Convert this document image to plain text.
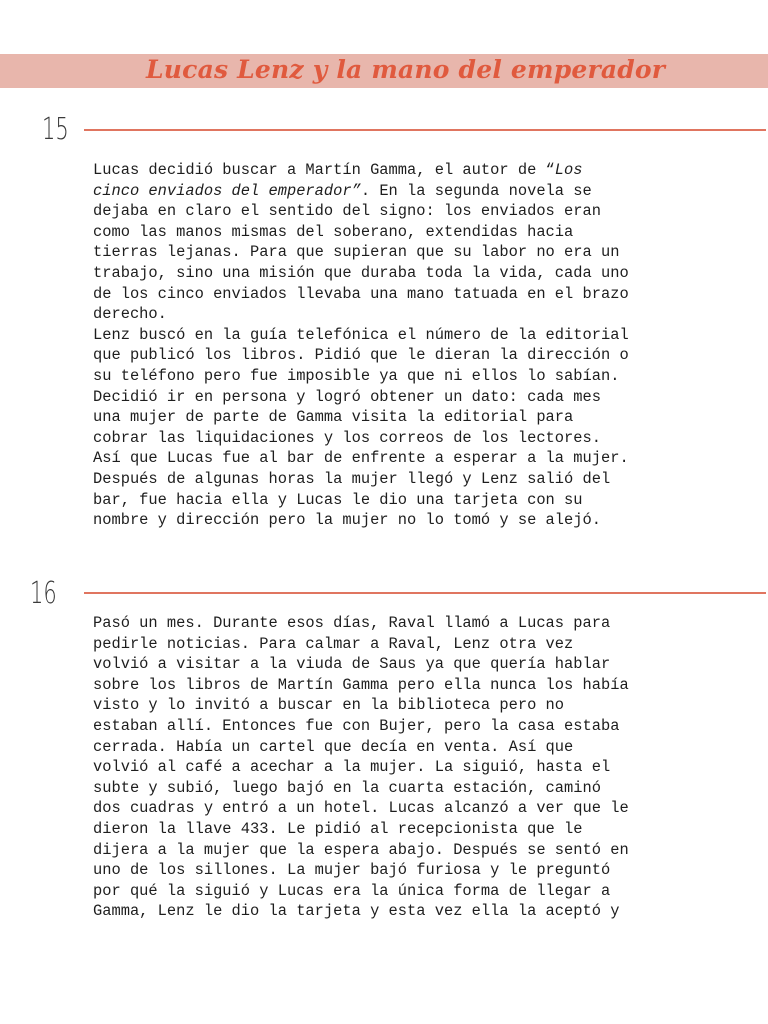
Lucas Lenz y la mano del emperador
15
Lucas decidió buscar a Martín Gamma, el autor de “Los
cinco enviados del emperador”. En la segunda novela se
dejaba en claro el sentido del signo: los enviados eran
como las manos mismas del soberano, extendidas hacia
tierras lejanas. Para que supieran que su labor no era un
trabajo, sino una misión que duraba toda la vida, cada uno
de los cinco enviados llevaba una mano tatuada en el brazo
derecho.
Lenz buscó en la guía telefónica el número de la editorial
que publicó los libros. Pidió que le dieran la dirección o
su teléfono pero fue imposible ya que ni ellos lo sabían.
Decidió ir en persona y logró obtener un dato: cada mes
una mujer de parte de Gamma visita la editorial para
cobrar las liquidaciones y los correos de los lectores.
Así que Lucas fue al bar de enfrente a esperar a la mujer.
Después de algunas horas la mujer llegó y Lenz salió del
bar, fue hacia ella y Lucas le dio una tarjeta con su
nombre y dirección pero la mujer no lo tomó y se alejó.
16
Pasó un mes. Durante esos días, Raval llamó a Lucas para
pedirle noticias. Para calmar a Raval, Lenz otra vez
volvió a visitar a la viuda de Saus ya que quería hablar
sobre los libros de Martín Gamma pero ella nunca los había
visto y lo invitó a buscar en la biblioteca pero no
estaban allí. Entonces fue con Bujer, pero la casa estaba
cerrada. Había un cartel que decía en venta. Así que
volvió al café a acechar a la mujer. La siguió, hasta el
subte y subió, luego bajó en la cuarta estación, caminó
dos cuadras y entró a un hotel. Lucas alcanzó a ver que le
dieron la llave 433. Le pidió al recepcionista que le
dijera a la mujer que la espera abajo. Después se sentó en
uno de los sillones. La mujer bajó furiosa y le preguntó
por qué la siguió y Lucas era la única forma de llegar a
Gamma, Lenz le dio la tarjeta y esta vez ella la aceptó y
